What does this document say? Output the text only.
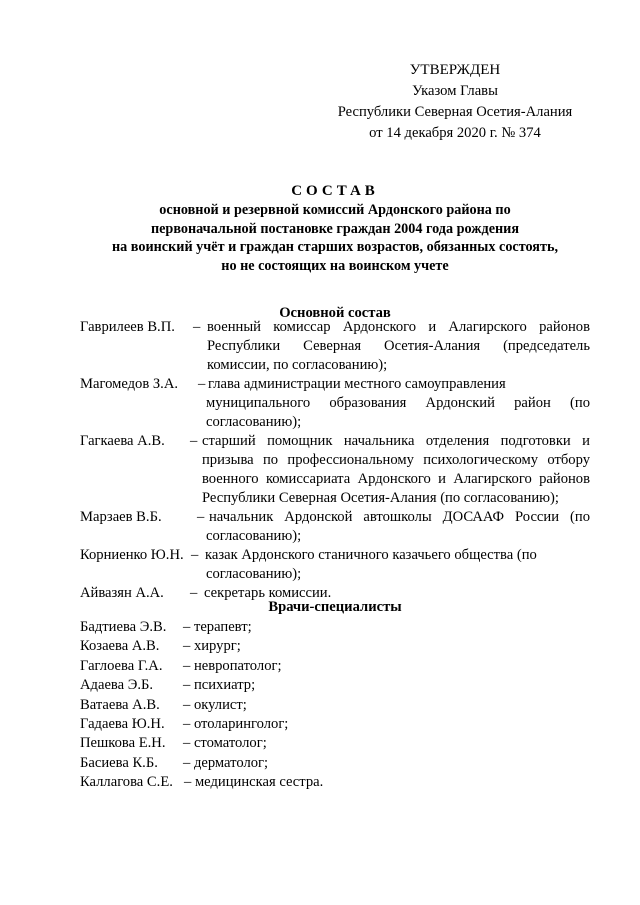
УТВЕРЖДЕН
Указом Главы
Республики Северная Осетия-Алания
от 14 декабря 2020 г. № 374
СОСТАВ
основной и резервной комиссий Ардонского района по
первоначальной постановке граждан 2004 года рождения
на воинский учёт и граждан старших возрастов, обязанных состоять,
но не состоящих на воинском учете
Основной состав
Гаврилеев В.П.	– военный комиссар Ардонского и Алагирского районов
Республики Северная Осетия-Алания (председатель
комиссии, по согласованию);
Магомедов З.А.	– глава администрации местного самоуправления
муниципального образования Ардонский район (по
согласованию);
Гагкаева А.В.	– старший помощник начальника отделения подготовки и
призыва по профессиональному психологическому отбору
военного комиссариата Ардонского и Алагирского районов
Республики Северная Осетия-Алания (по согласованию);
Марзаев В.Б.	– начальник Ардонской автошколы ДОСААФ России (по
согласованию);
Корниенко Ю.Н. – казак Ардонского станичного казачьего общества (по
согласованию);
Айвазян А.А.	– секретарь комиссии.
Врачи-специалисты
Бадтиева Э.В.	– терапевт;
Козаева А.В.	– хирург;
Гаглоева Г.А.	– невропатолог;
Адаева Э.Б.	– психиатр;
Ватаева А.В.	– окулист;
Гадаева Ю.Н.	– отоларинголог;
Пешкова Е.Н.	– стоматолог;
Басиева К.Б.	– дерматолог;
Каллагова С.Е. – медицинская сестра.
